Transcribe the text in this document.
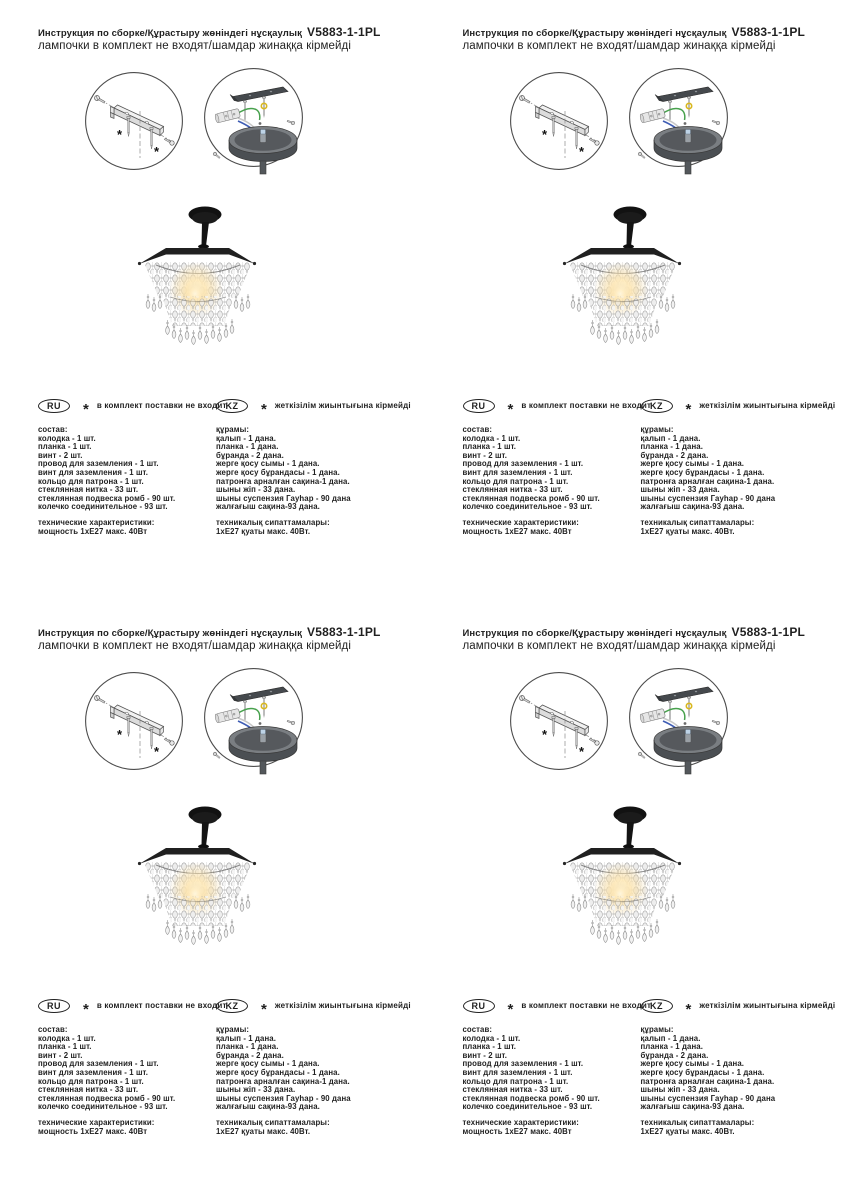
Инструкция по сборке/Құрастыру жөніндегі нұсқаулық V5883-1-1PL
лампочки в комплект не входят/шамдар жинаққа кірмейді
*
*
RU	* в комплект поставки не входит
состав:
колодка - 1 шт.
планка - 1 шт.
винт - 2 шт.
провод для заземления - 1 шт.
винт для заземления - 1 шт.
кольцо для патрона - 1 шт.
стеклянная нитка - 33 шт.
стеклянная подвеска ромб - 90 шт.
колечко соединительное - 93 шт.
технические характеристики:
мощность 1хЕ27 макс. 40Вт
KZ	* жеткізілім жиынтығына кірмейді
құрамы:
қалып - 1 дана.
планка - 1 дана.
бұранда - 2 дана.
жерге қосу сымы - 1 дана.
жерге қосу бұрандасы - 1 дана.
патронға арналған сақина-1 дана.
шыны жіп - 33 дана.
шыны суспензия Гауһар - 90 дана
жалғағыш сақина-93 дана.
техникалық сипаттамалары:
1хЕ27 қуаты макс. 40Вт.
Инструкция по сборке/Құрастыру жөніндегі нұсқаулық V5883-1-1PL
лампочки в комплект не входят/шамдар жинаққа кірмейді
*
*
RU	* в комплект поставки не входит
состав:
колодка - 1 шт.
планка - 1 шт.
винт - 2 шт.
провод для заземления - 1 шт.
винт для заземления - 1 шт.
кольцо для патрона - 1 шт.
стеклянная нитка - 33 шт.
стеклянная подвеска ромб - 90 шт.
колечко соединительное - 93 шт.
технические характеристики:
мощность 1хЕ27 макс. 40Вт
KZ	* жеткізілім жиынтығына кірмейді
құрамы:
қалып - 1 дана.
планка - 1 дана.
бұранда - 2 дана.
жерге қосу сымы - 1 дана.
жерге қосу бұрандасы - 1 дана.
патронға арналған сақина-1 дана.
шыны жіп - 33 дана.
шыны суспензия Гауһар - 90 дана
жалғағыш сақина-93 дана.
техникалық сипаттамалары:
1хЕ27 қуаты макс. 40Вт.
Инструкция по сборке/Құрастыру жөніндегі нұсқаулық V5883-1-1PL
лампочки в комплект не входят/шамдар жинаққа кірмейді
*
*
RU	* в комплект поставки не входит
состав:
колодка - 1 шт.
планка - 1 шт.
винт - 2 шт.
провод для заземления - 1 шт.
винт для заземления - 1 шт.
кольцо для патрона - 1 шт.
стеклянная нитка - 33 шт.
стеклянная подвеска ромб - 90 шт.
колечко соединительное - 93 шт.
технические характеристики:
мощность 1хЕ27 макс. 40Вт
KZ	* жеткізілім жиынтығына кірмейді
құрамы:
қалып - 1 дана.
планка - 1 дана.
бұранда - 2 дана.
жерге қосу сымы - 1 дана.
жерге қосу бұрандасы - 1 дана.
патронға арналған сақина-1 дана.
шыны жіп - 33 дана.
шыны суспензия Гауһар - 90 дана
жалғағыш сақина-93 дана.
техникалық сипаттамалары:
1хЕ27 қуаты макс. 40Вт.
Инструкция по сборке/Құрастыру жөніндегі нұсқаулық V5883-1-1PL
лампочки в комплект не входят/шамдар жинаққа кірмейді
*
*
RU	* в комплект поставки не входит
состав:
колодка - 1 шт.
планка - 1 шт.
винт - 2 шт.
провод для заземления - 1 шт.
винт для заземления - 1 шт.
кольцо для патрона - 1 шт.
стеклянная нитка - 33 шт.
стеклянная подвеска ромб - 90 шт.
колечко соединительное - 93 шт.
технические характеристики:
мощность 1хЕ27 макс. 40Вт
KZ	* жеткізілім жиынтығына кірмейді
құрамы:
қалып - 1 дана.
планка - 1 дана.
бұранда - 2 дана.
жерге қосу сымы - 1 дана.
жерге қосу бұрандасы - 1 дана.
патронға арналған сақина-1 дана.
шыны жіп - 33 дана.
шыны суспензия Гауһар - 90 дана
жалғағыш сақина-93 дана.
техникалық сипаттамалары:
1хЕ27 қуаты макс. 40Вт.
